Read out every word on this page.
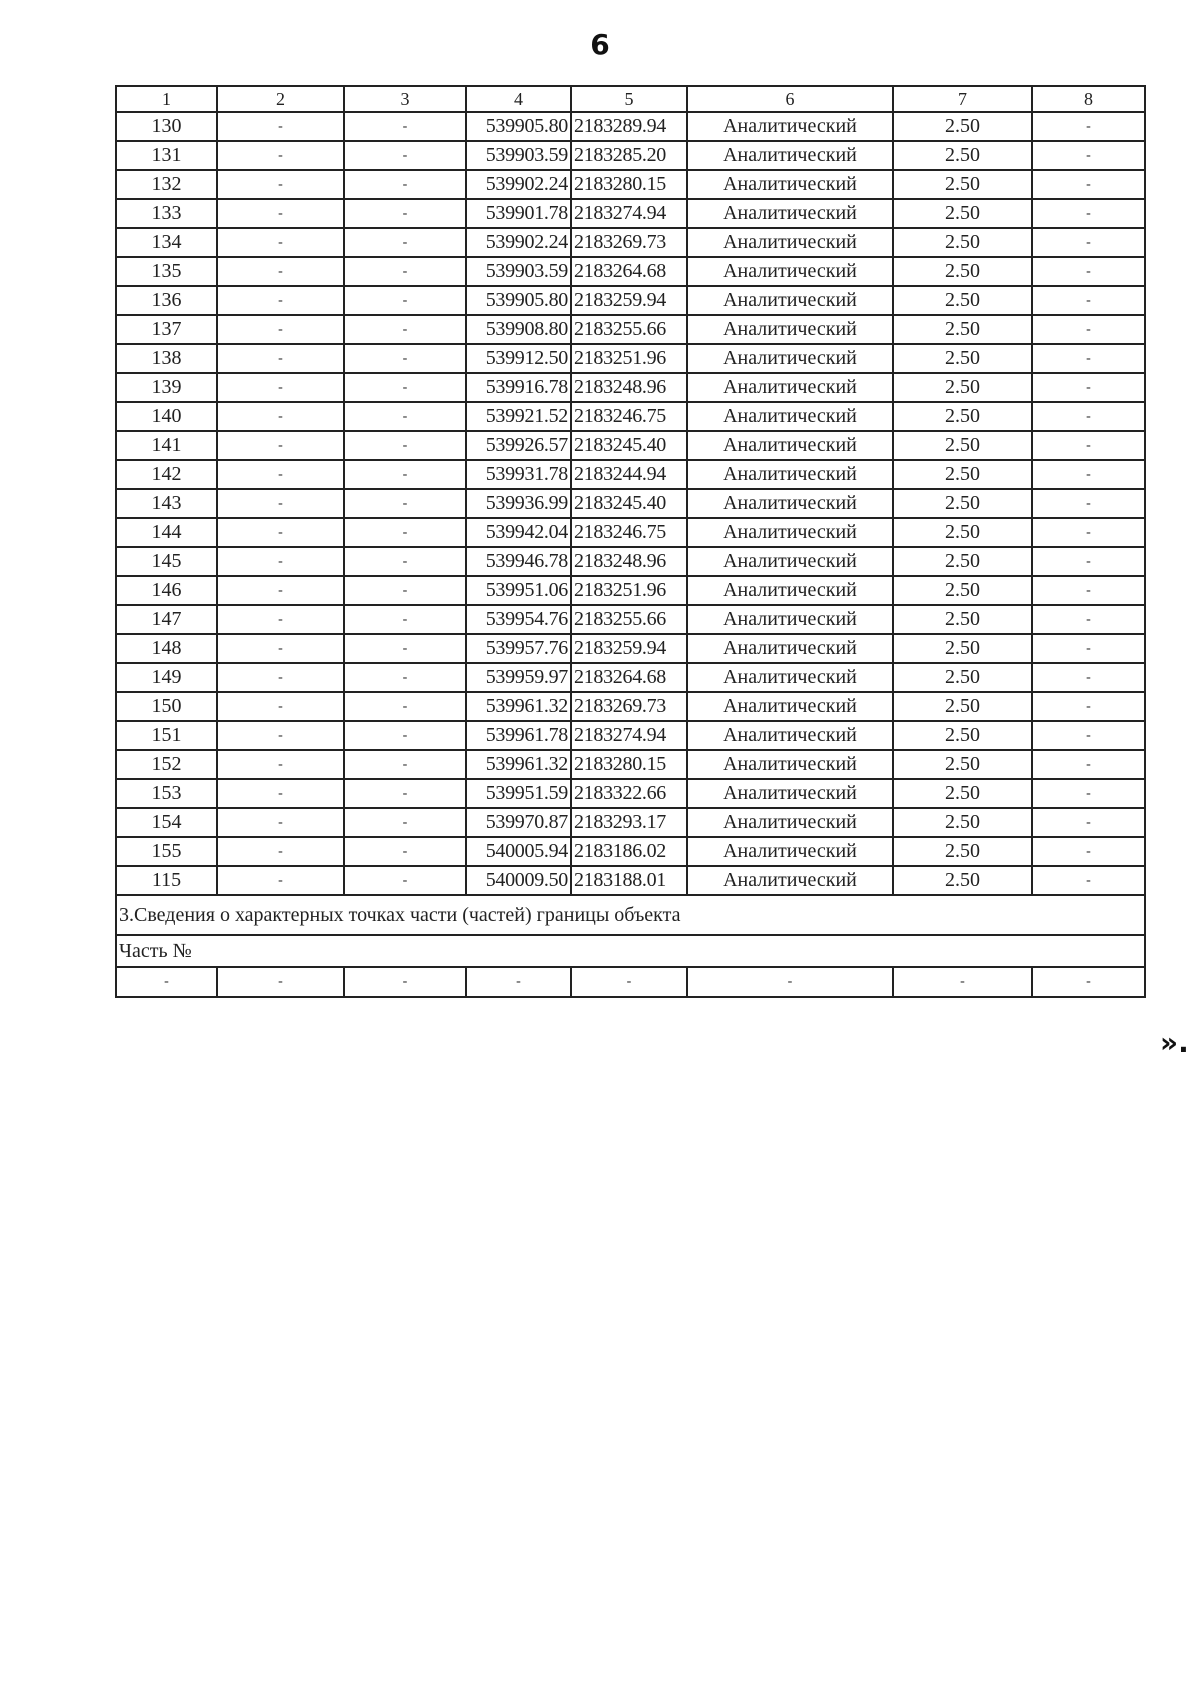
6
1	2	3	4	5	6	7	8
130	-	-	539905.80	2183289.94	Аналитический	2.50	-
131	-	-	539903.59	2183285.20	Аналитический	2.50	-
132	-	-	539902.24	2183280.15	Аналитический	2.50	-
133	-	-	539901.78	2183274.94	Аналитический	2.50	-
134	-	-	539902.24	2183269.73	Аналитический	2.50	-
135	-	-	539903.59	2183264.68	Аналитический	2.50	-
136	-	-	539905.80	2183259.94	Аналитический	2.50	-
137	-	-	539908.80	2183255.66	Аналитический	2.50	-
138	-	-	539912.50	2183251.96	Аналитический	2.50	-
139	-	-	539916.78	2183248.96	Аналитический	2.50	-
140	-	-	539921.52	2183246.75	Аналитический	2.50	-
141	-	-	539926.57	2183245.40	Аналитический	2.50	-
142	-	-	539931.78	2183244.94	Аналитический	2.50	-
143	-	-	539936.99	2183245.40	Аналитический	2.50	-
144	-	-	539942.04	2183246.75	Аналитический	2.50	-
145	-	-	539946.78	2183248.96	Аналитический	2.50	-
146	-	-	539951.06	2183251.96	Аналитический	2.50	-
147	-	-	539954.76	2183255.66	Аналитический	2.50	-
148	-	-	539957.76	2183259.94	Аналитический	2.50	-
149	-	-	539959.97	2183264.68	Аналитический	2.50	-
150	-	-	539961.32	2183269.73	Аналитический	2.50	-
151	-	-	539961.78	2183274.94	Аналитический	2.50	-
152	-	-	539961.32	2183280.15	Аналитический	2.50	-
153	-	-	539951.59	2183322.66	Аналитический	2.50	-
154	-	-	539970.87	2183293.17	Аналитический	2.50	-
155	-	-	540005.94	2183186.02	Аналитический	2.50	-
115	-	-	540009.50	2183188.01	Аналитический	2.50	-
3.Сведения о характерных точках части (частей) границы объекта							
Часть №							
-	-	-	-	-	-	-	-
».
